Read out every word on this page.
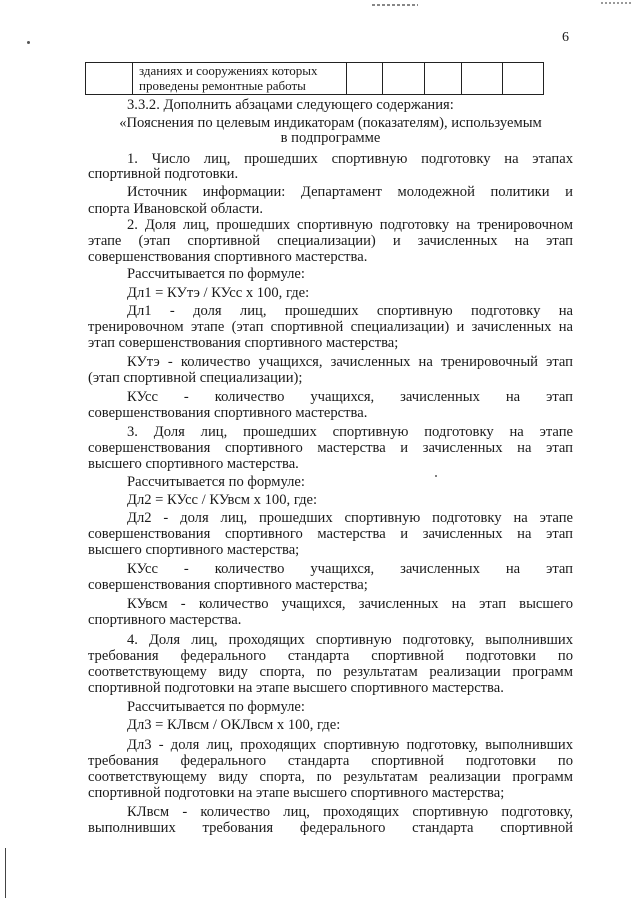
6

зданиях и сооружениях которых
проведены ремонтные работы

3.3.2. Дополнить абзацами следующего содержания:

«Пояснения по целевым индикаторам (показателям), используемым

в подпрограмме

1. Число лиц, прошедших спортивную подготовку на этапах

спортивной подготовки.

Источник информации: Департамент молодежной политики и

спорта Ивановской области.

2. Доля лиц, прошедших спортивную подготовку на тренировочном

этапе (этап спортивной специализации) и зачисленных на этап

совершенствования спортивного мастерства.

Рассчитывается по формуле:

Дл1 = КУтэ / КУсс х 100, где:

Дл1 - доля лиц, прошедших спортивную подготовку на

тренировочном этапе (этап спортивной специализации) и зачисленных на

этап совершенствования спортивного мастерства;

КУтэ - количество учащихся, зачисленных на тренировочный этап

(этап спортивной специализации);

КУсс - количество учащихся, зачисленных на этап

совершенствования спортивного мастерства.

3. Доля лиц, прошедших спортивную подготовку на этапе

совершенствования спортивного мастерства и зачисленных на этап

высшего спортивного мастерства.

Рассчитывается по формуле:

Дл2 = КУсс / КУвсм х 100, где:

Дл2 - доля лиц, прошедших спортивную подготовку на этапе

совершенствования спортивного мастерства и зачисленных на этап

высшего спортивного мастерства;

КУсс - количество учащихся, зачисленных на этап

совершенствования спортивного мастерства;

КУвсм - количество учащихся, зачисленных на этап высшего

спортивного мастерства.

4. Доля лиц, проходящих спортивную подготовку, выполнивших

требования федерального стандарта спортивной подготовки по

соответствующему виду спорта, по результатам реализации программ

спортивной подготовки на этапе высшего спортивного мастерства.

Рассчитывается по формуле:

Дл3 = КЛвсм / ОКЛвсм х 100, где:

Дл3 - доля лиц, проходящих спортивную подготовку, выполнивших

требования федерального стандарта спортивной подготовки по

соответствующему виду спорта, по результатам реализации программ

спортивной подготовки на этапе высшего спортивного мастерства;

КЛвсм - количество лиц, проходящих спортивную подготовку,

выполнивших требования федерального стандарта спортивной
